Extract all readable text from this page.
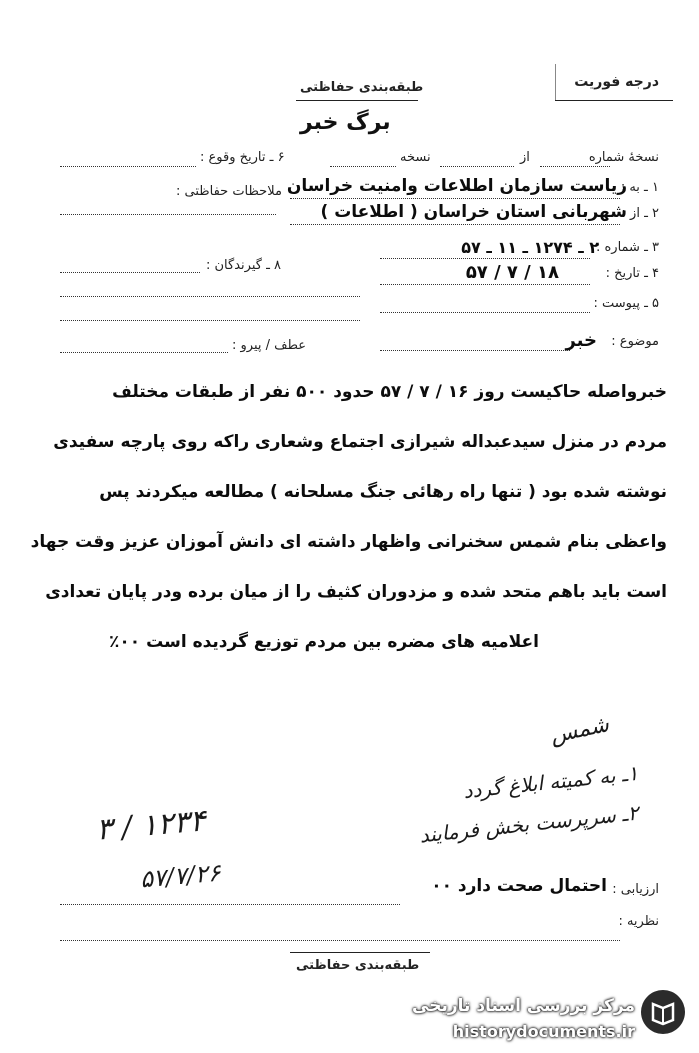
طبقه‌بندی حفاظتی	درجه فوریت
برگ خبر
نسخهٔ شماره
از
نسخه
۶ ـ تاریخ وقوع :
۱ ـ به :
ریاست سازمان اطلاعات وامنیت خراسان
ملاحظات حفاظتی :
۲ ـ از :
شهربانی استان خراسان ( اطلاعات )
۳ ـ شماره :
۲ ـ ۱۲۷۴ ـ ۱۱ ـ ۵۷
۸ ـ گیرندگان :
۴ ـ تاریخ :
۱۸ / ۷ / ۵۷
۵ ـ پیوست :
موضوع :
خبر
عطف / پیرو :
خبرواصله حاکیست روز ۱۶ / ۷ / ۵۷ حدود ۵۰۰ نفر از طبقات مختلف
مردم در منزل سیدعبداله شیرازی اجتماع وشعاری راکه روی پارچه سفیدی
نوشته شده بود ( تنها راه رهائی جنگ مسلحانه ) مطالعه میکردند پس
واعظی بنام شمس سخنرانی واظهار داشته ای دانش آموزان عزیز وقت جهاد
است باید باهم متحد شده و مزدوران کثیف را از میان برده ودر پایان تعدادی
اعلامیه های مضره بین مردم توزیع گردیده است ۰۰٪
شمس
۱ـ به کمیته ابلاغ گردد
۲ـ سرپرست بخش فرمایند
۳ / ۱۲۳۴
۵۷/۷/۲۶	ارزیابی :
احتمال صحت دارد ۰۰
نظریه :
طبقه‌بندی حفاظتی
مرکز بررسی اسناد تاریخی
historydocuments.ir
